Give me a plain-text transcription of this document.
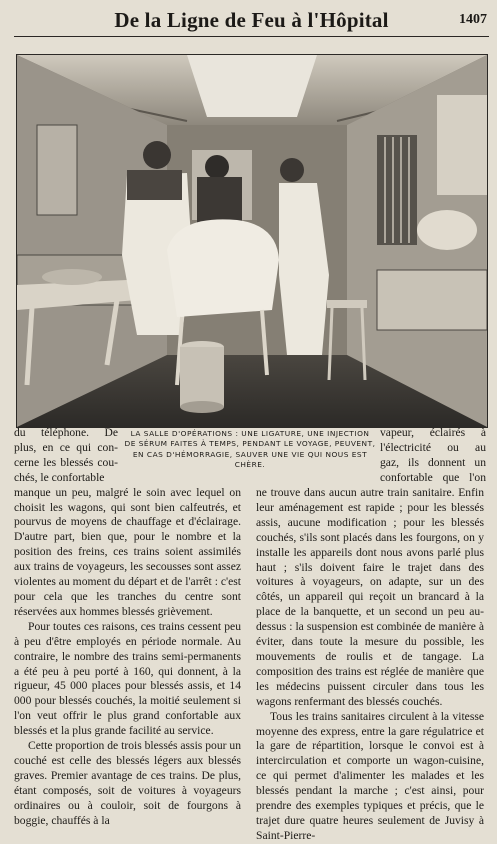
De la Ligne de Feu à l'Hôpital	1407
LA SALLE D'OPÉRATIONS : UNE LIGATURE, UNE INJECTION DE SÉRUM FAITES À TEMPS, PENDANT LE VOYAGE, PEUVENT, EN CAS D'HÉMORRAGIE, SAUVER UNE VIE QUI NOUS EST CHÈRE.
du téléphone. De
plus, en ce qui con-
cerne les blessés cou-
chés, le confortable

manque un peu, malgré le soin avec lequel on choisit les wagons, qui sont bien calfeutrés, et pourvus de moyens de chauffage et d'éclairage. D'autre part, bien que, pour le nombre et la position des freins, ces trains soient assimilés aux trains de voyageurs, les secousses sont assez violentes au moment du départ et de l'arrêt : c'est pour cela que les tranches du centre sont réservées aux hommes blessés grièvement.

Pour toutes ces raisons, ces trains cessent peu à peu d'être employés en période normale. Au contraire, le nombre des trains semi-permanents a été peu à peu porté à 160, qui donnent, à la rigueur, 45 000 places pour blessés assis, et 14 000 pour blessés couchés, la moitié seulement si l'on veut offrir le plus grand confortable aux blessés et la plus grande facilité au service.

Cette proportion de trois blessés assis pour un couché est celle des blessés légers aux blessés graves. Premier avantage de ces trains. De plus, étant composés, soit de voitures à voyageurs ordinaires ou à couloir, soit de fourgons à boggie, chauffés à la

vapeur, éclairés à
l'électricité ou au
gaz, ils donnent un
confortable que l'on

ne trouve dans aucun autre train sanitaire. Enfin leur aménagement est rapide ; pour les blessés assis, aucune modification ; pour les blessés couchés, s'ils sont placés dans les fourgons, on y installe les appareils dont nous avons parlé plus haut ; s'ils doivent faire le trajet dans des voitures à voyageurs, on adapte, sur un des côtés, un appareil qui reçoit un brancard à la place de la banquette, et un second un peu au-dessus : la suspension est combinée de manière à éviter, dans toute la mesure du possible, les mouvements de roulis et de tangage. La composition des trains est réglée de manière que les médecins puissent circuler dans tous les wagons renfermant des blessés couchés.

Tous les trains sanitaires circulent à la vitesse moyenne des express, entre la gare régulatrice et la gare de répartition, lorsque le convoi est à intercirculation et comporte un wagon-cuisine, ce qui permet d'alimenter les malades et les blessés pendant la marche ; c'est ainsi, pour prendre des exemples typiques et précis, que le trajet dure quatre heures seulement de Juvisy à Saint-Pierre-
